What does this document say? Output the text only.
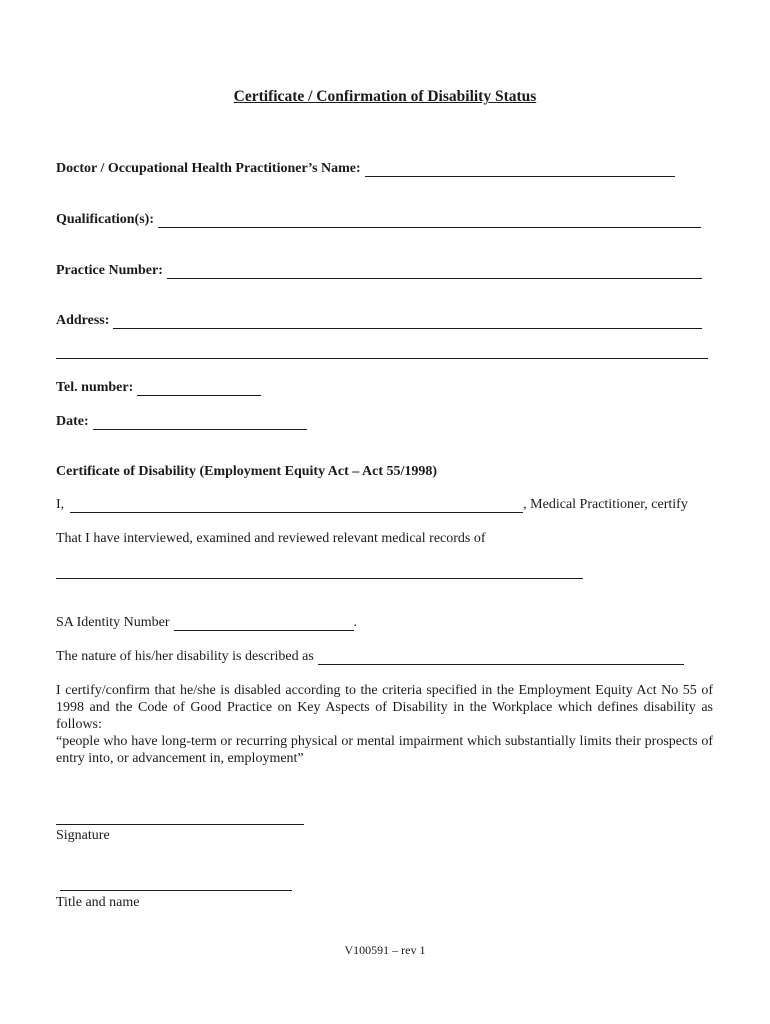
Certificate / Confirmation of Disability Status
Doctor / Occupational Health Practitioner’s Name:
Qualification(s):
Practice Number:
Address:
Tel. number:
Date:
Certificate of Disability (Employment Equity Act – Act 55/1998)
I,	, Medical Practitioner, certify
That I have interviewed, examined and reviewed relevant medical records of
SA Identity Number	.
The nature of his/her disability is described as
I certify/confirm that he/she is disabled according to the criteria specified in the Employment Equity Act No 55 of 1998 and the Code of Good Practice on Key Aspects of Disability in the Workplace which defines disability as follows:
“people who have long-term or recurring physical or mental impairment which substantially limits their prospects of entry into, or advancement in, employment”
Signature
Title and name
V100591 – rev 1
